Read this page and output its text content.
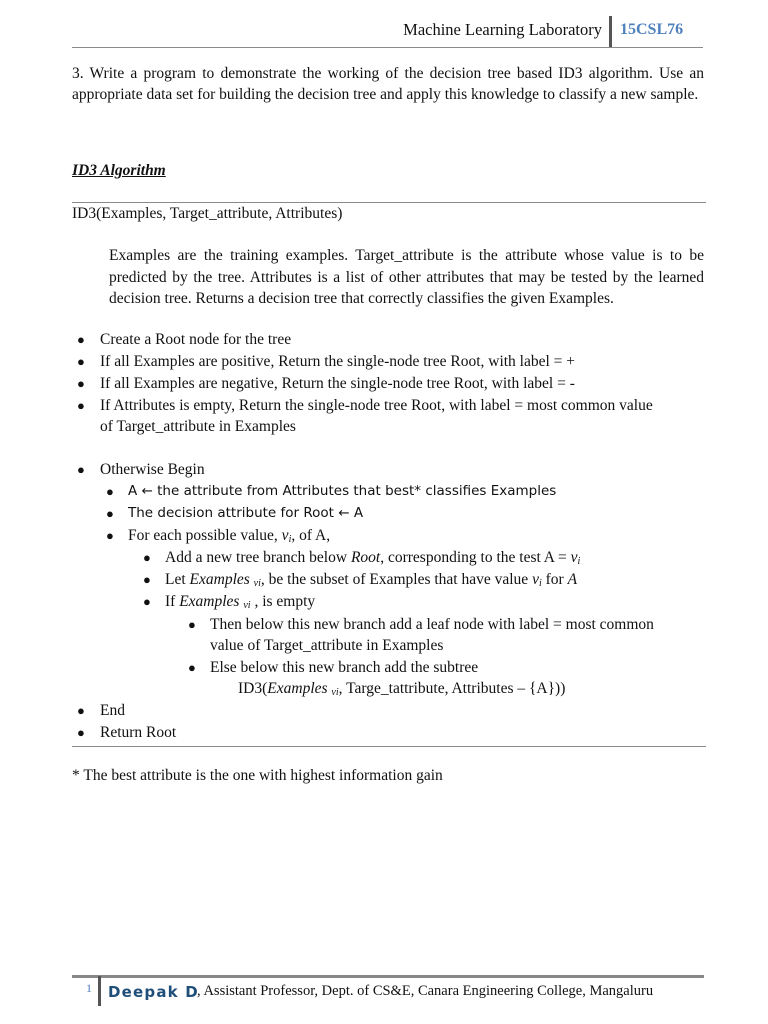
Machine Learning Laboratory 15CSL76
3. Write a program to demonstrate the working of the decision tree based ID3 algorithm. Use an appropriate data set for building the decision tree and apply this knowledge to classify a new sample.
ID3 Algorithm
ID3(Examples, Target_attribute, Attributes)
Examples are the training examples. Target_attribute is the attribute whose value is to be predicted by the tree. Attributes is a list of other attributes that may be tested by the learned decision tree. Returns a decision tree that correctly classifies the given Examples.
● Create a Root node for the tree
● If all Examples are positive, Return the single-node tree Root, with label = +
● If all Examples are negative, Return the single-node tree Root, with label = -
● If Attributes is empty, Return the single-node tree Root, with label = most common value
of Target_attribute in Examples
● Otherwise Begin
● A ← the attribute from Attributes that best* classifies Examples
● The decision attribute for Root ← A
● For each possible value, $v_i$, of A,
● Add a new tree branch below Root, corresponding to the test $A = v_i$
● Let Examples $_{vi}$, be the subset of Examples that have value $v_i$ for A
● If Examples $_{vi}$ , is empty
● Then below this new branch add a leaf node with label = most common
value of Target_attribute in Examples
● Else below this new branch add the subtree
ID3(Examples $_{vi}$, Targe_tattribute, Attributes – {A}))
● End
● Return Root
* The best attribute is the one with highest information gain
1 Deepak D
, Assistant Professor, Dept. of CS&E, Canara Engineering College, Mangaluru
